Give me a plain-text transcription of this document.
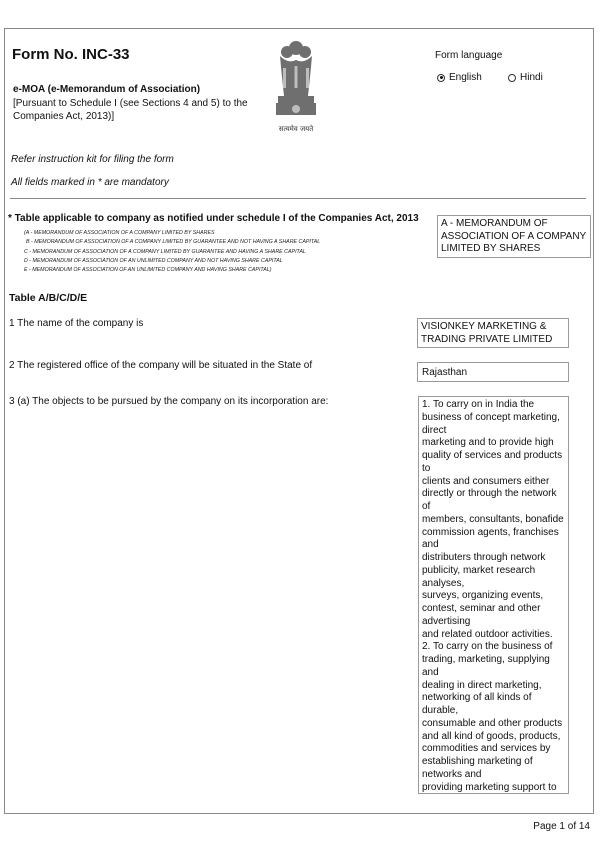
Form No. INC-33
e-MOA (e-Memorandum of Association)
[Pursuant to Schedule I (see Sections 4 and 5) to the Companies Act, 2013)]
सत्यमेव जयते
Form language
English	Hindi
Refer instruction kit for filing the form
All fields marked in * are mandatory
* Table applicable to company as notified under schedule I of the Companies Act, 2013
(A - MEMORANDUM OF ASSOCIATION OF A COMPANY LIMITED BY SHARES
B - MEMORANDUM OF ASSOCIATION OF A COMPANY LIMITED BY GUARANTEE AND NOT HAVING A SHARE CAPITAL
C - MEMORANDUM OF ASSOCIATION OF A COMPANY LIMITED BY GUARANTEE AND HAVING A SHARE CAPITAL
D - MEMORANDUM OF ASSOCIATION OF AN UNLIMITED COMPANY AND NOT HAVING SHARE CAPITAL
E - MEMORANDUM OF ASSOCIATION OF AN UNLIMITED COMPANY AND HAVING SHARE CAPITAL)
A - MEMORANDUM OF ASSOCIATION OF A COMPANY LIMITED BY SHARES
Table A/B/C/D/E
1 The name of the company is	VISIONKEY MARKETING & TRADING PRIVATE LIMITED
2 The registered office of the company will be situated in the State of
Rajasthan
3 (a) The objects to be pursued by the company on its incorporation are:	1. To carry on in India the business of concept marketing, direct
marketing and to provide high quality of services and products to
clients and consumers either directly or through the network of
members, consultants, bonafide commission agents, franchises and
distributers through network publicity, market research analyses,
surveys, organizing events, contest, seminar and other advertising
and related outdoor activities.
2. To carry on the business of trading, marketing, supplying and
dealing in direct marketing, networking of all kinds of durable,
consumable and other products and all kind of goods, products,
commodities and services by establishing marketing of networks and
providing marketing support to
Page 1 of 14
